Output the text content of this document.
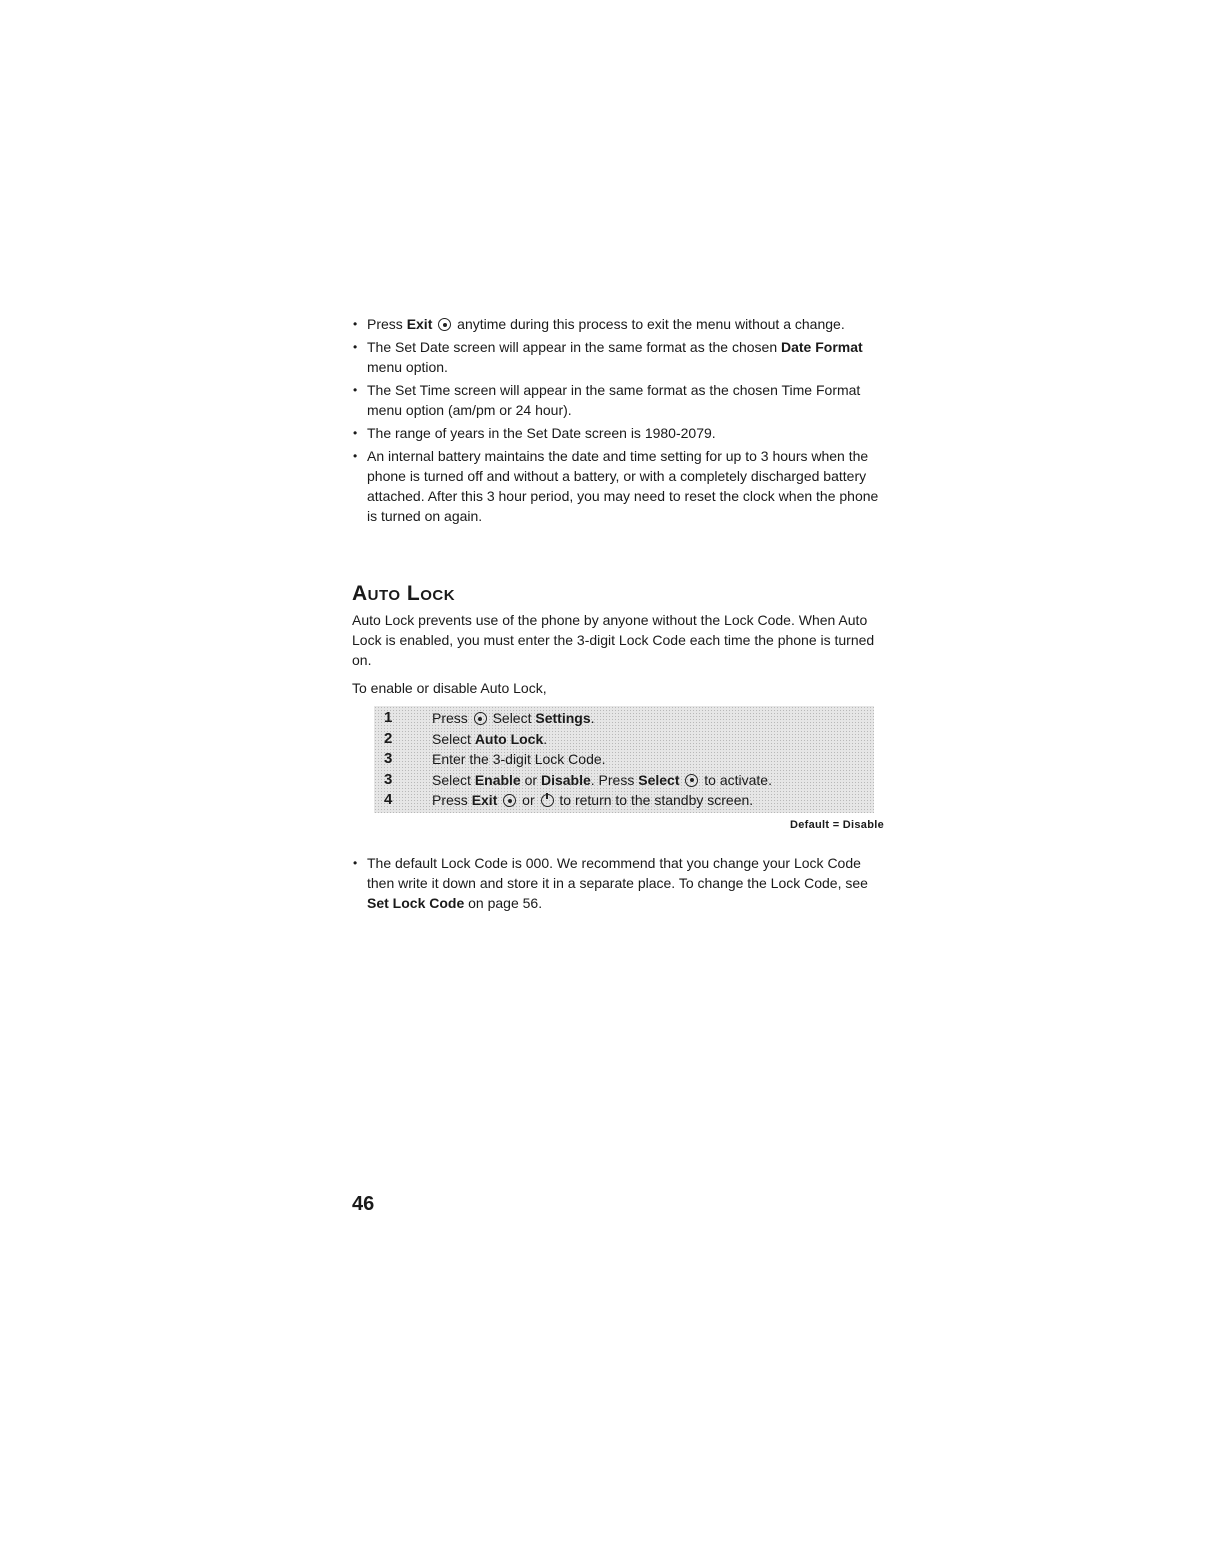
• Press Exit  anytime during this process to exit the menu without a change.
• The Set Date screen will appear in the same format as the chosen Date Format menu option.
• The Set Time screen will appear in the same format as the chosen Time Format menu option (am/pm or 24 hour).
• The range of years in the Set Date screen is 1980-2079.
• An internal battery maintains the date and time setting for up to 3 hours when the phone is turned off and without a battery, or with a completely discharged battery attached. After this 3 hour period, you may need to reset the clock when the phone is turned on again.
Auto Lock

Auto Lock prevents use of the phone by anyone without the Lock Code. When Auto Lock is enabled, you must enter the 3-digit Lock Code each time the phone is turned on.

To enable or disable Auto Lock,

1	Press  Select Settings.
2	Select Auto Lock.
3	Enter the 3-digit Lock Code.
3	Select Enable or Disable. Press Select  to activate.
4	Press Exit  or  to return to the standby screen.
Default = Disable
• The default Lock Code is 000. We recommend that you change your Lock Code then write it down and store it in a separate place. To change the Lock Code, see Set Lock Code on page 56.
46
